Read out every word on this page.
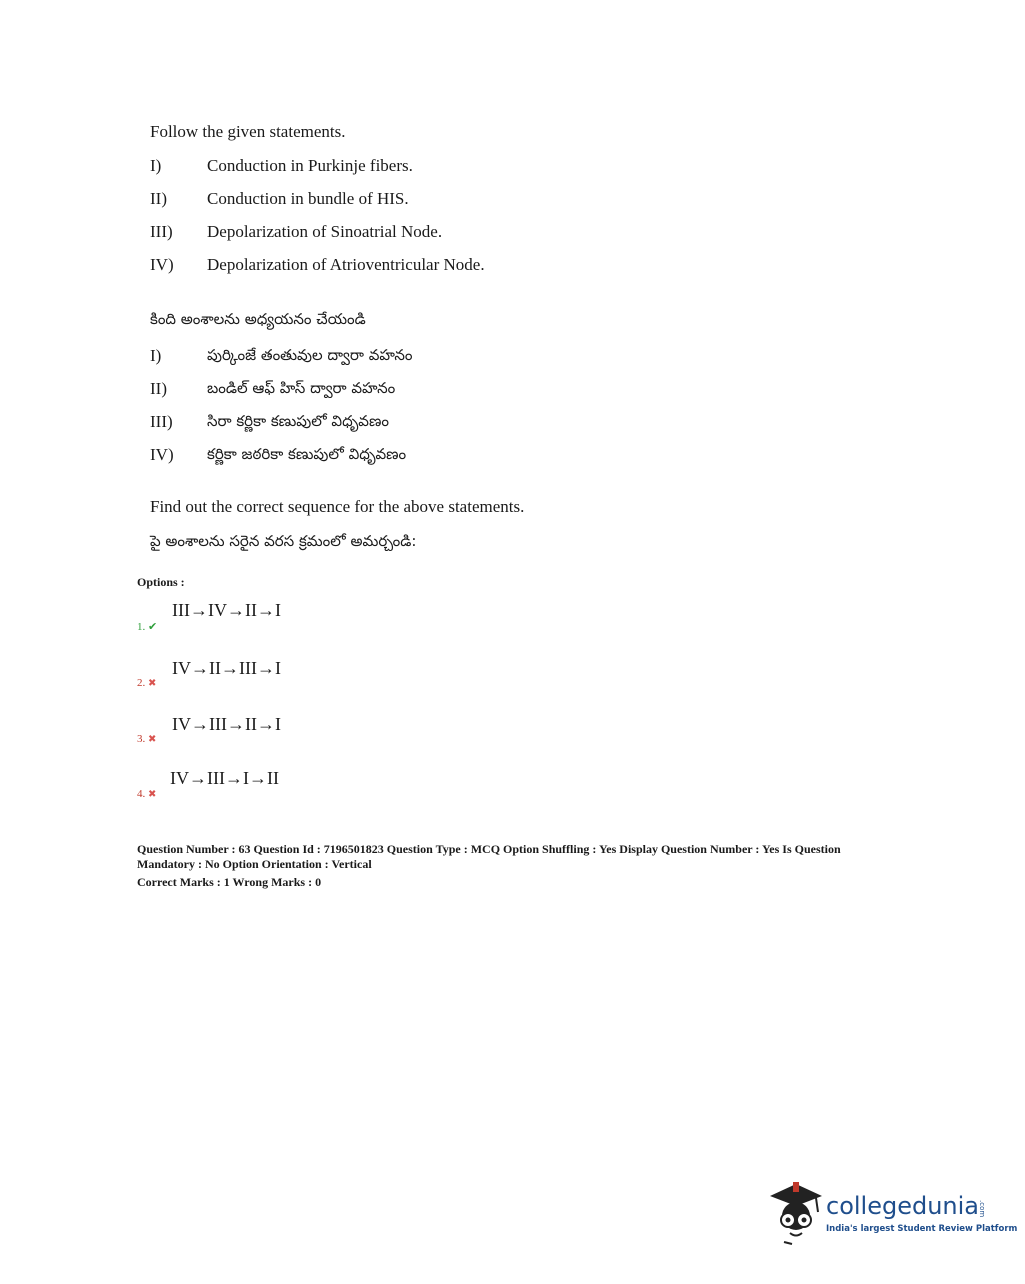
Follow the given statements.
I)	Conduction in Purkinje fibers.
II) Conduction in bundle of HIS.
III) Depolarization of Sinoatrial Node.
IV) Depolarization of Atrioventricular Node.
కింది అంశాలను అధ్యయనం చేయండి
I)	పుర్కింజే తంతువుల ద్వారా వహనం
II)	బండిల్ ఆఫ్ హిస్ ద్వారా వహనం
III) సిరా కర్ణికా కణుపులో విధృవణం
IV) కర్ణికా జఠరికా కణుపులో విధృవణం
Find out the correct sequence for the above statements.
పై అంశాలను సరైన వరస క్రమంలో అమర్చండి:
Options :
III→IV→II→I
1. ✔
IV→II→III→I
2. ✖
IV→III→II→I
3. ✖
IV→III→I→II
4. ✖
Question Number : 63 Question Id : 7196501823 Question Type : MCQ Option Shuffling : Yes Display Question Number : Yes Is Question
Mandatory : No Option Orientation : Vertical
Correct Marks : 1 Wrong Marks : 0
collegedunia
.com
India's largest Student Review Platform
